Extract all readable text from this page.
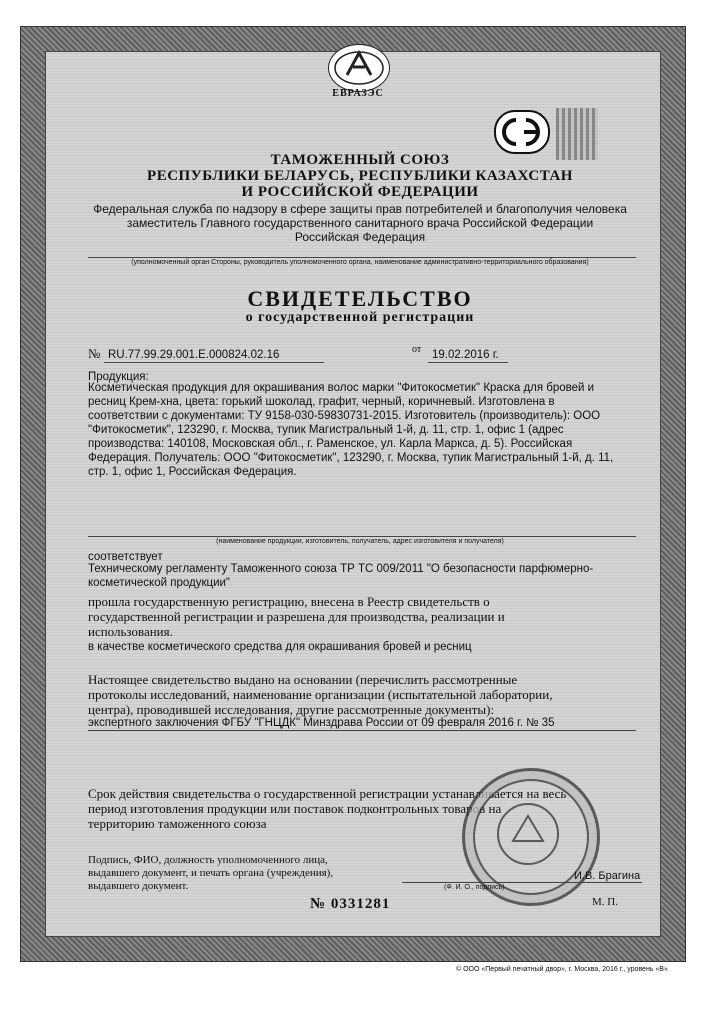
ЕВРАЗЭС
ТАМОЖЕННЫЙ СОЮЗ
РЕСПУБЛИКИ БЕЛАРУСЬ, РЕСПУБЛИКИ КАЗАХСТАН
И РОССИЙСКОЙ ФЕДЕРАЦИИ
Федеральная служба по надзору в сфере защиты прав потребителей и благополучия человека
заместитель Главного государственного санитарного врача Российской Федерации
Российская Федерация
(уполномоченный орган Стороны, руководитель уполномоченного органа, наименование административно-территориального образования)
СВИДЕТЕЛЬСТВО
о государственной регистрации
№ RU.77.99.29.001.Е.000824.02.16	от 19.02.2016 г.
Продукция:
Косметическая продукция для окрашивания волос марки "Фитокосметик" Краска для бровей и
ресниц Крем-хна, цвета: горький шоколад, графит, черный, коричневый. Изготовлена в
соответствии с документами: ТУ 9158-030-59830731-2015. Изготовитель (производитель): ООО
"Фитокосметик", 123290, г. Москва, тупик Магистральный 1-й, д. 11, стр. 1, офис 1 (адрес
производства: 140108, Московская обл., г. Раменское, ул. Карла Маркса, д. 5). Российская
Федерация. Получатель: ООО "Фитокосметик", 123290, г. Москва, тупик Магистральный 1-й, д. 11,
стр. 1, офис 1, Российская Федерация.
(наименование продукции, изготовитель, получатель, адрес изготовителя и получателя)
соответствует
Техническому регламенту Таможенного союза ТР ТС 009/2011 "О безопасности парфюмерно-
косметической продукции"
прошла государственную регистрацию, внесена в Реестр свидетельств о
государственной регистрации и разрешена для производства, реализации и
использования.
в качестве косметического средства для окрашивания бровей и ресниц
Настоящее свидетельство выдано на основании (перечислить рассмотренные
протоколы исследований, наименование организации (испытательной лаборатории,
центра), проводившей исследования, другие рассмотренные документы):
экспертного заключения ФГБУ "ГНЦДК" Минздрава России от 09 февраля 2016 г. № 35
Срок действия свидетельства о государственной регистрации устанавливается на весь
период изготовления продукции или поставок подконтрольных товаров на
территорию таможенного союза
Подпись, ФИО, должность уполномоченного лица,
выдавшего документ, и печать органа (учреждения),
выдавшего документ.
И.В. Брагина
(Ф. И. О., подпись)
М. П.
№ 0331281
© ООО «Первый печатный двор», г. Москва, 2016 г., уровень «В»
